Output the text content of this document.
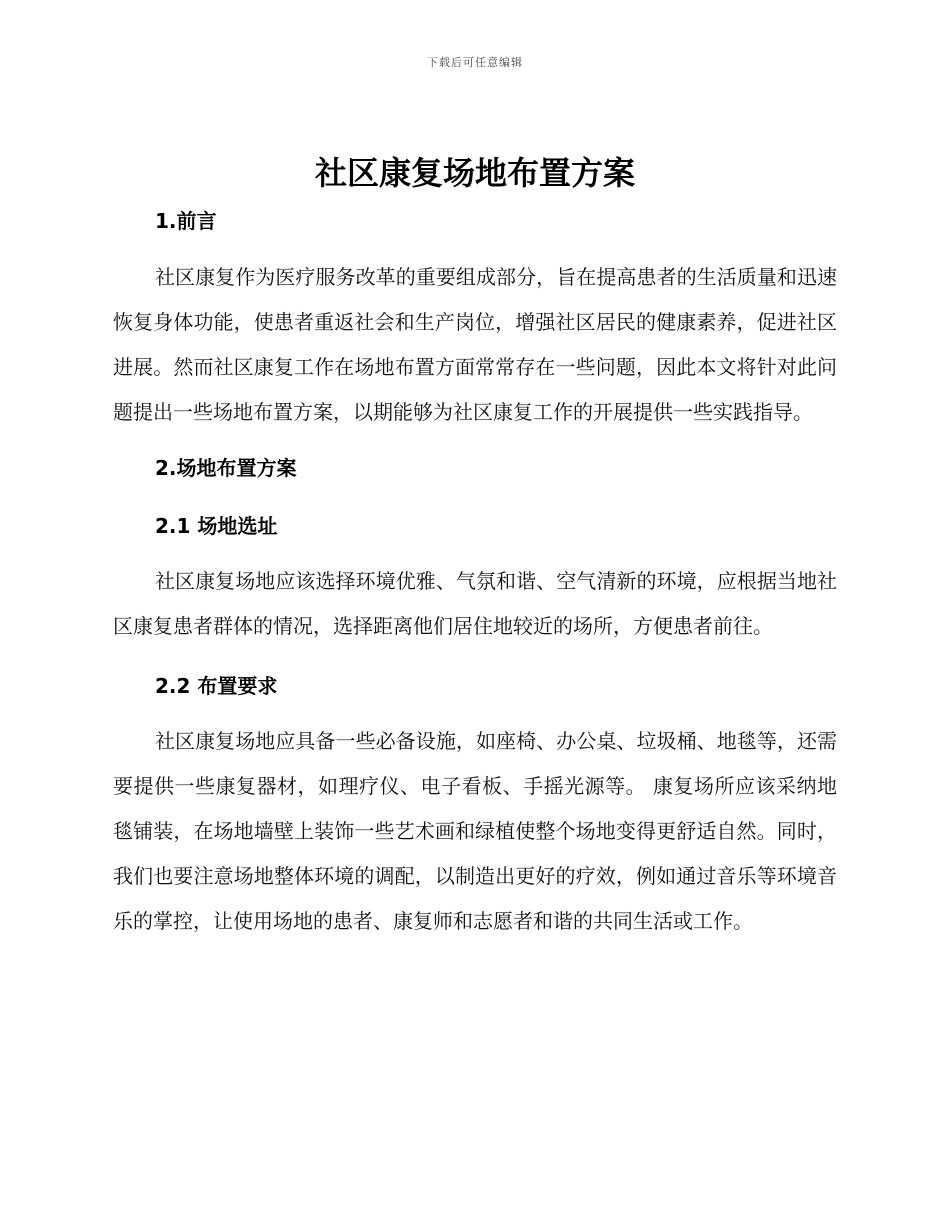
下载后可任意编辑
社区康复场地布置方案
1.前言

社区康复作为医疗服务改革的重要组成部分，旨在提高患者的生活质量和迅速恢复身体功能，使患者重返社会和生产岗位，增强社区居民的健康素养，促进社区进展。然而社区康复工作在场地布置方面常常存在一些问题，因此本文将针对此问题提出一些场地布置方案，以期能够为社区康复工作的开展提供一些实践指导。

2.场地布置方案
2.1 场地选址

社区康复场地应该选择环境优雅、气氛和谐、空气清新的环境，应根据当地社区康复患者群体的情况，选择距离他们居住地较近的场所，方便患者前往。

2.2 布置要求

社区康复场地应具备一些必备设施，如座椅、办公桌、垃圾桶、地毯等，还需要提供一些康复器材，如理疗仪、电子看板、手摇光源等。 康复场所应该采纳地毯铺装，在场地墙壁上装饰一些艺术画和绿植使整个场地变得更舒适自然。同时，我们也要注意场地整体环境的调配，以制造出更好的疗效，例如通过音乐等环境音乐的掌控，让使用场地的患者、康复师和志愿者和谐的共同生活或工作。
